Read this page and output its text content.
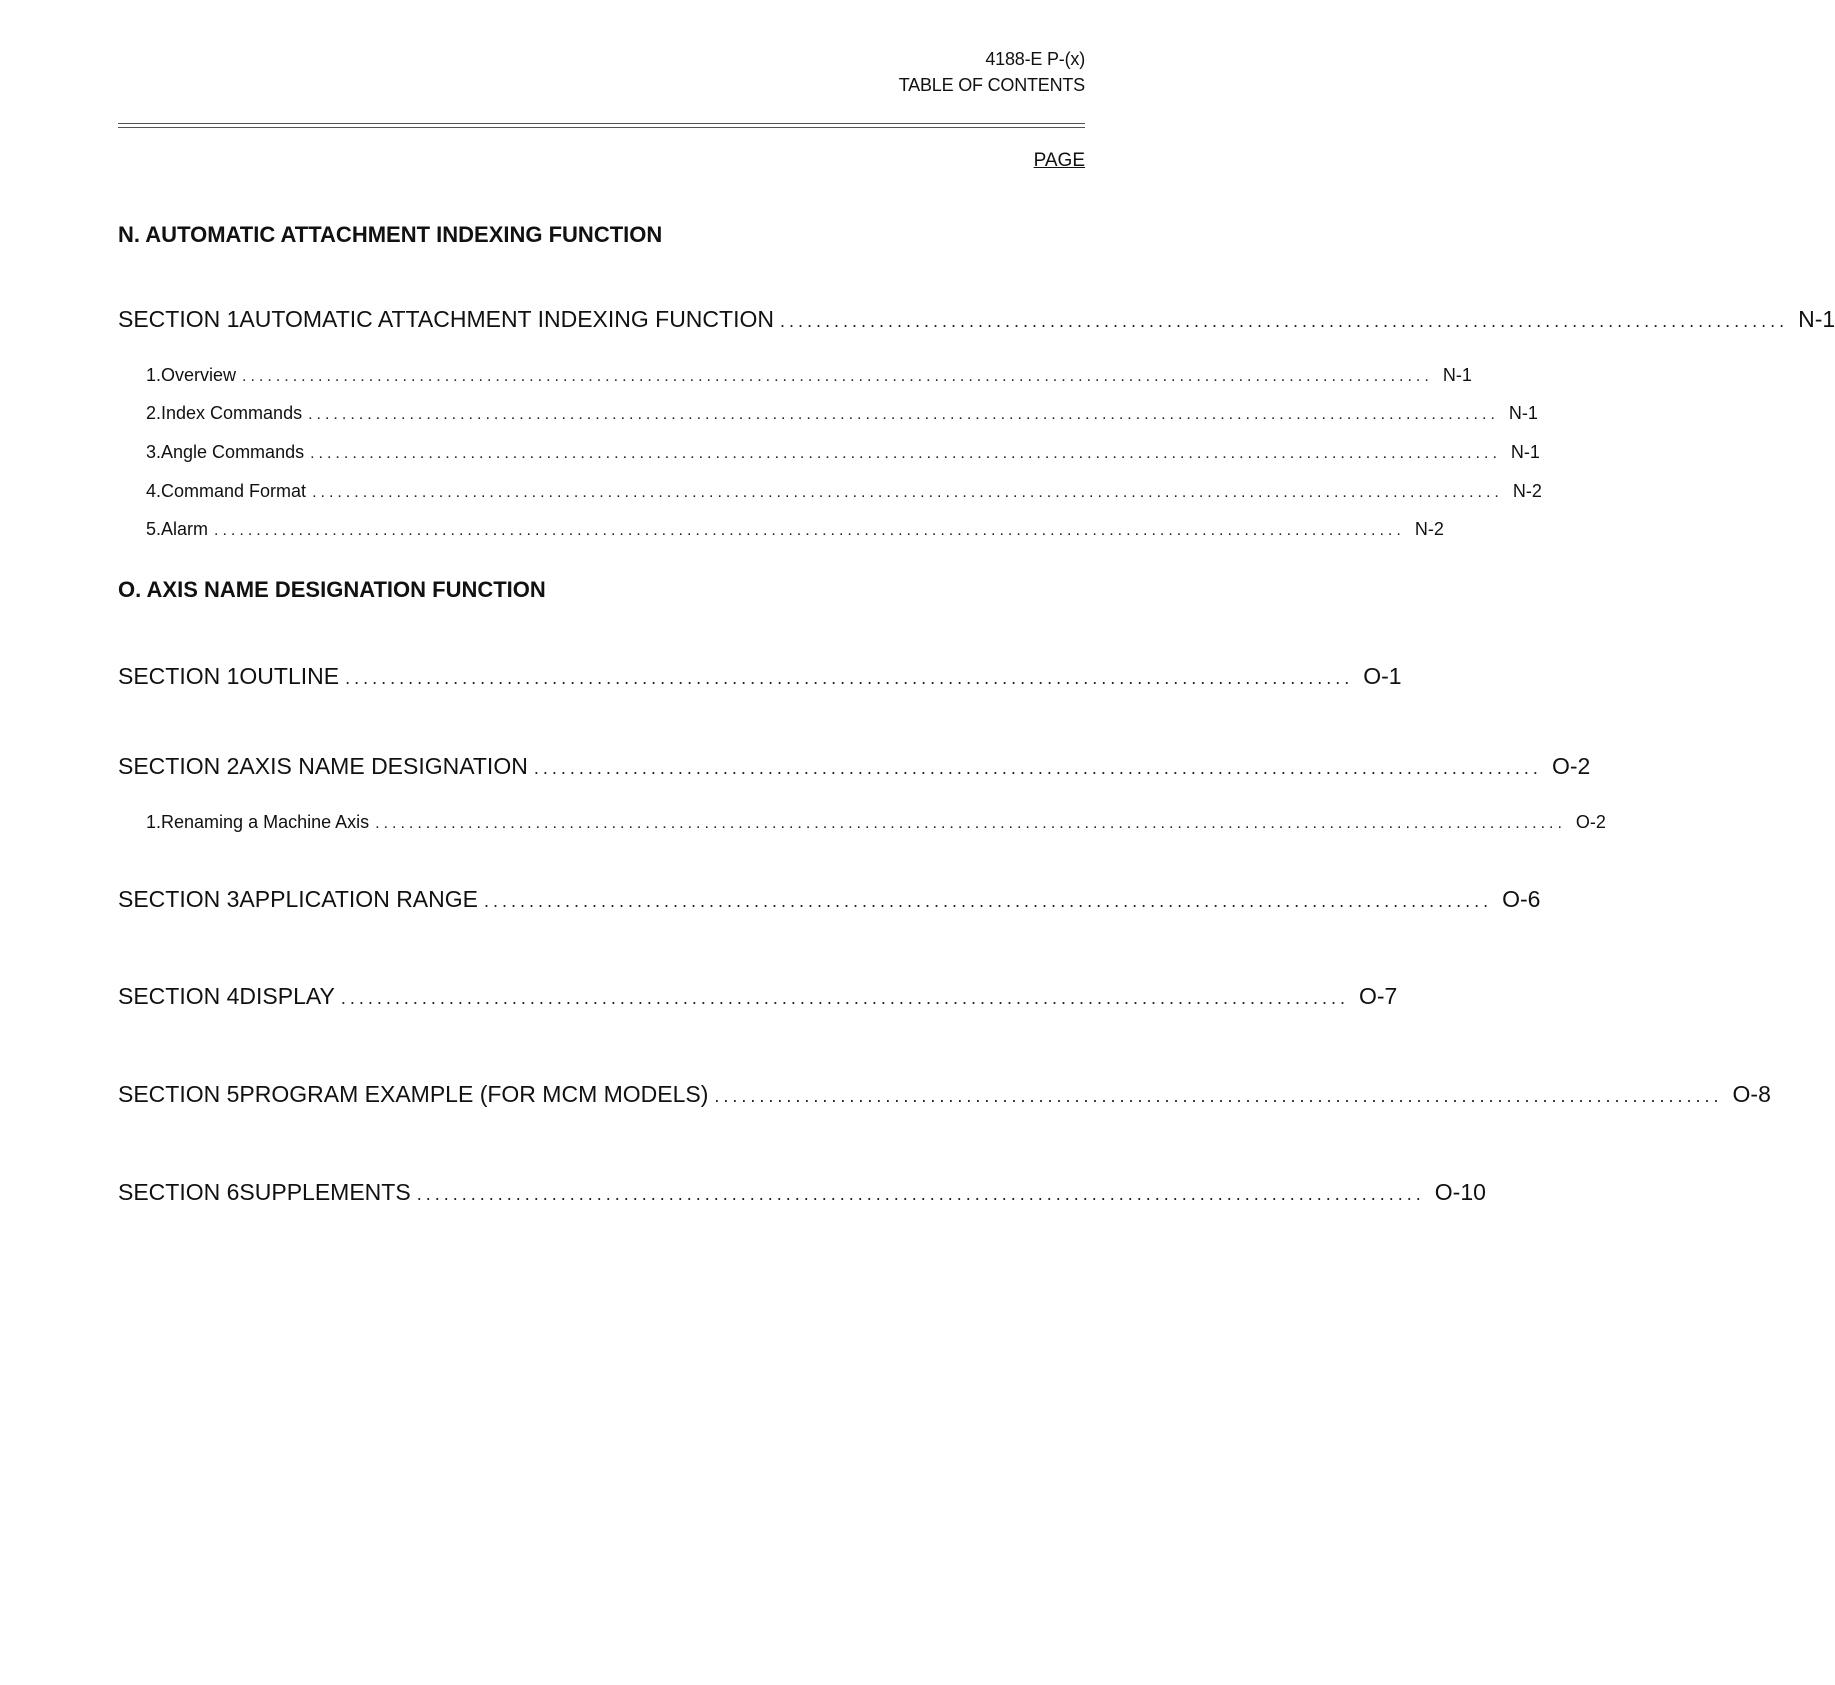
4188-E P-(x)
TABLE OF CONTENTS
PAGE
N. AUTOMATIC ATTACHMENT INDEXING FUNCTION
SECTION 1 AUTOMATIC ATTACHMENT INDEXING FUNCTION ................................................................................................................ N-1
1. Overview ............................................................................................................................................. N-1
2. Index Commands ............................................................................................................................................. N-1
3. Angle Commands ............................................................................................................................................. N-1
4. Command Format ............................................................................................................................................. N-2
5. Alarm ............................................................................................................................................. N-2
O. AXIS NAME DESIGNATION FUNCTION
SECTION 1 OUTLINE ................................................................................................................ O-1
SECTION 2 AXIS NAME DESIGNATION ................................................................................................................ O-2
1. Renaming a Machine Axis ............................................................................................................................................. O-2
SECTION 3 APPLICATION RANGE ................................................................................................................ O-6
SECTION 4 DISPLAY ................................................................................................................ O-7
SECTION 5 PROGRAM EXAMPLE (FOR MCM MODELS) ................................................................................................................ O-8
SECTION 6 SUPPLEMENTS ................................................................................................................ O-10
